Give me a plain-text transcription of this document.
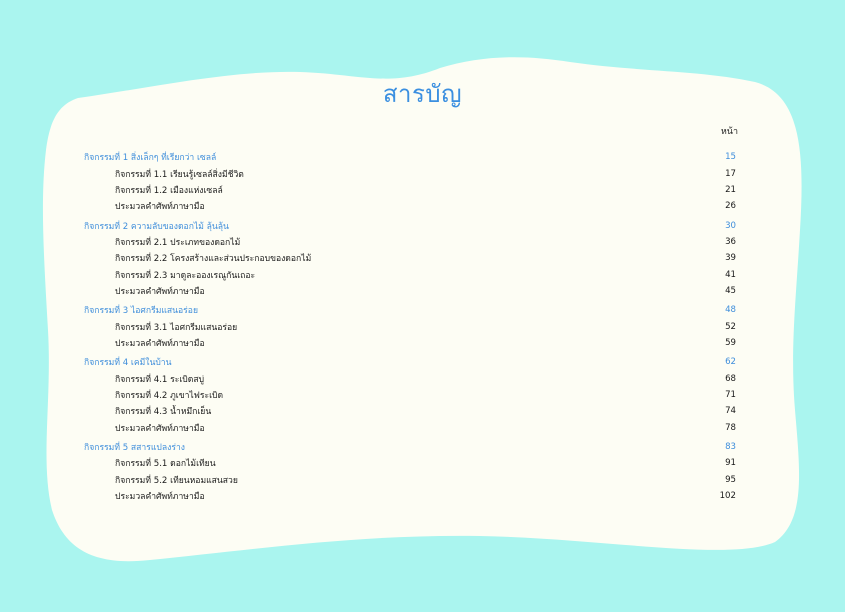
สารบัญ
หน้า
กิจกรรมที่ 1 สิ่งเล็กๆ ที่เรียกว่า เซลล์	15
กิจกรรมที่ 1.1 เรียนรู้เซลล์สิ่งมีชีวิต	17
กิจกรรมที่ 1.2 เมืองแห่งเซลล์	21
ประมวลคำศัพท์ภาษามือ	26
กิจกรรมที่ 2 ความลับของดอกไม้ ลุ้นลุ้น	30
กิจกรรมที่ 2.1 ประเภทของดอกไม้	36
กิจกรรมที่ 2.2 โครงสร้างและส่วนประกอบของดอกไม้	39
กิจกรรมที่ 2.3 มาดูละอองเรณูกันเถอะ	41
ประมวลคำศัพท์ภาษามือ	45
กิจกรรมที่ 3 ไอศกรีมแสนอร่อย	48
กิจกรรมที่ 3.1 ไอศกรีมแสนอร่อย	52
ประมวลคำศัพท์ภาษามือ	59
กิจกรรมที่ 4 เคมีในบ้าน	62
กิจกรรมที่ 4.1 ระเบิดสบู่	68
กิจกรรมที่ 4.2 ภูเขาไฟระเบิด	71
กิจกรรมที่ 4.3 น้ำหมึกเย็น	74
ประมวลคำศัพท์ภาษามือ	78
กิจกรรมที่ 5 สสารแปลงร่าง	83
กิจกรรมที่ 5.1 ดอกไม้เทียน	91
กิจกรรมที่ 5.2 เทียนหอมแสนสวย	95
ประมวลคำศัพท์ภาษามือ	102
